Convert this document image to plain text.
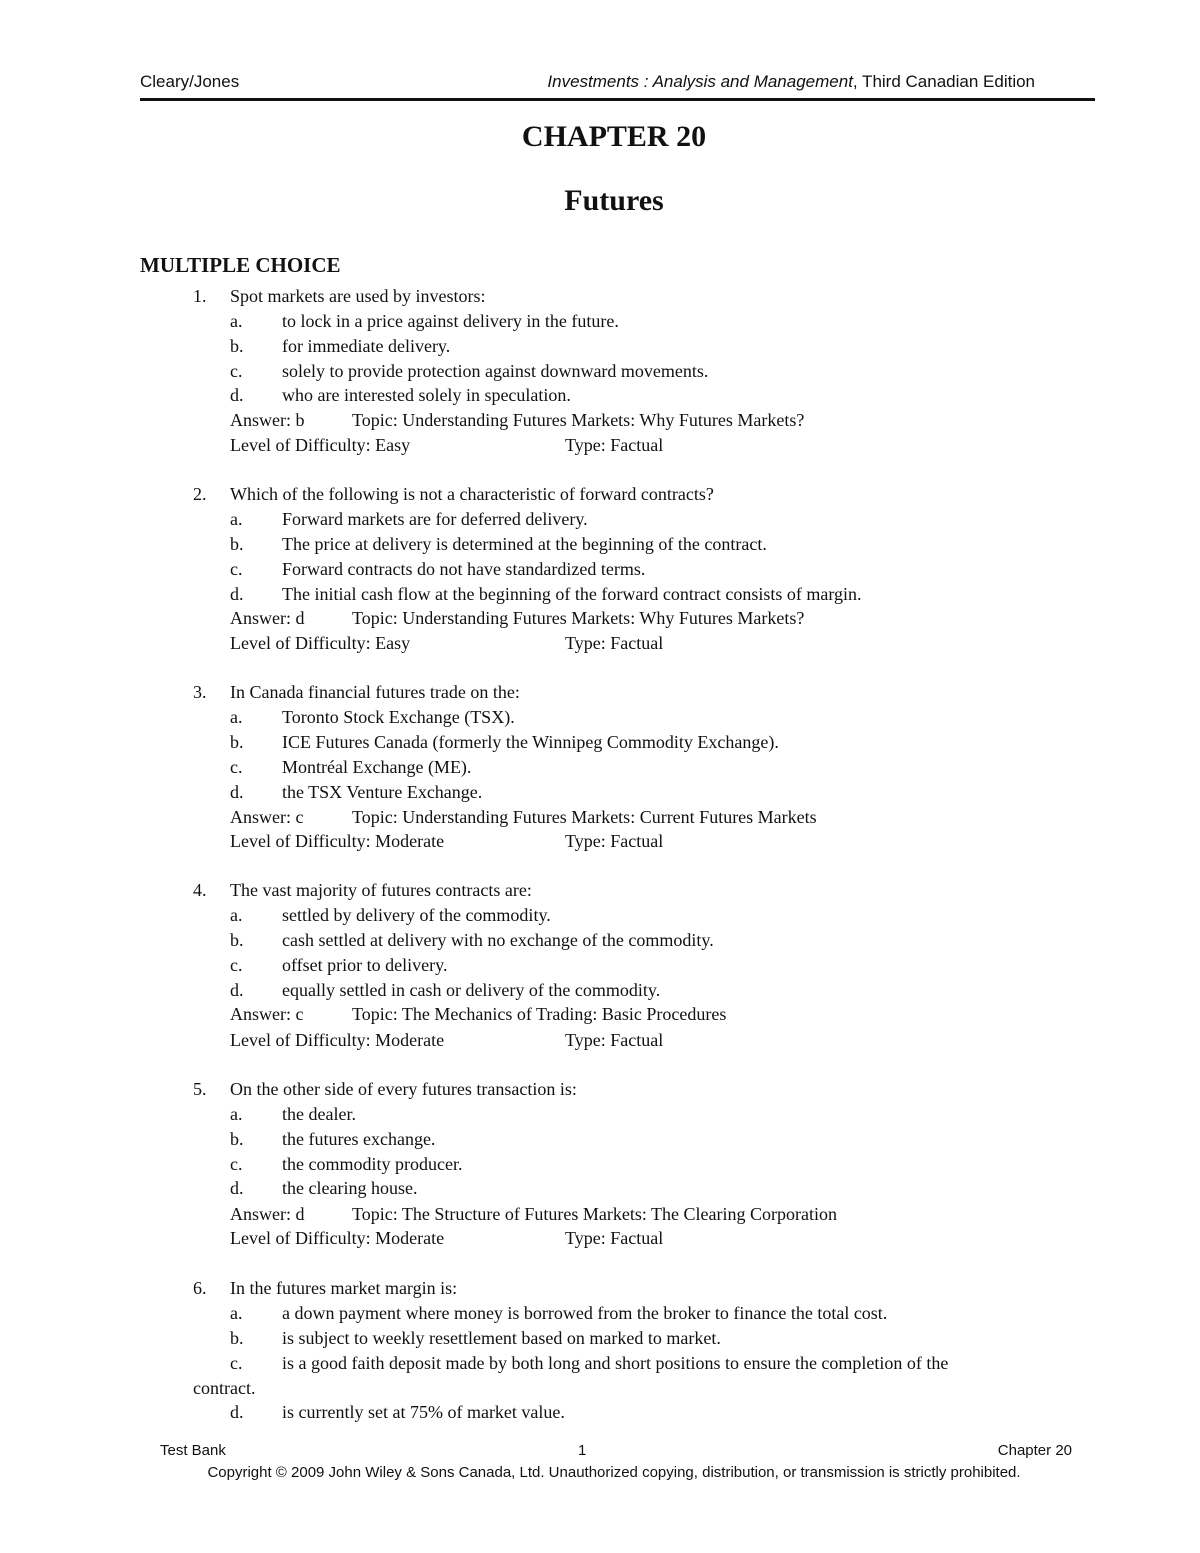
Cleary/Jones	Investments : Analysis and Management, Third Canadian Edition
CHAPTER 20
Futures
MULTIPLE CHOICE
1. Spot markets are used by investors:
a. to lock in a price against delivery in the future.
b. for immediate delivery.
c. solely to provide protection against downward movements.
d. who are interested solely in speculation.
Answer: b	Topic: Understanding Futures Markets: Why Futures Markets?
Level of Difficulty: Easy	Type: Factual
2. Which of the following is not a characteristic of forward contracts?
a. Forward markets are for deferred delivery.
b. The price at delivery is determined at the beginning of the contract.
c. Forward contracts do not have standardized terms.
d. The initial cash flow at the beginning of the forward contract consists of margin.
Answer: d	Topic: Understanding Futures Markets: Why Futures Markets?
Level of Difficulty: Easy	Type: Factual
3. In Canada financial futures trade on the:
a. Toronto Stock Exchange (TSX).
b. ICE Futures Canada (formerly the Winnipeg Commodity Exchange).
c. Montréal Exchange (ME).
d. the TSX Venture Exchange.
Answer: c	Topic: Understanding Futures Markets: Current Futures Markets
Level of Difficulty: Moderate	Type: Factual
4. The vast majority of futures contracts are:
a. settled by delivery of the commodity.
b. cash settled at delivery with no exchange of the commodity.
c. offset prior to delivery.
d. equally settled in cash or delivery of the commodity.
Answer: c	Topic: The Mechanics of Trading: Basic Procedures
Level of Difficulty: Moderate	Type: Factual
5. On the other side of every futures transaction is:
a. the dealer.
b. the futures exchange.
c. the commodity producer.
d. the clearing house.
Answer: d	Topic: The Structure of Futures Markets: The Clearing Corporation
Level of Difficulty: Moderate	Type: Factual
6. In the futures market margin is:
a. a down payment where money is borrowed from the broker to finance the total cost.
b. is subject to weekly resettlement based on marked to market.
c. is a good faith deposit made by both long and short positions to ensure the completion of the
contract.
d. is currently set at 75% of market value.
Test Bank	1	Chapter 20
Copyright © 2009 John Wiley & Sons Canada, Ltd. Unauthorized copying, distribution, or transmission is strictly prohibited.
